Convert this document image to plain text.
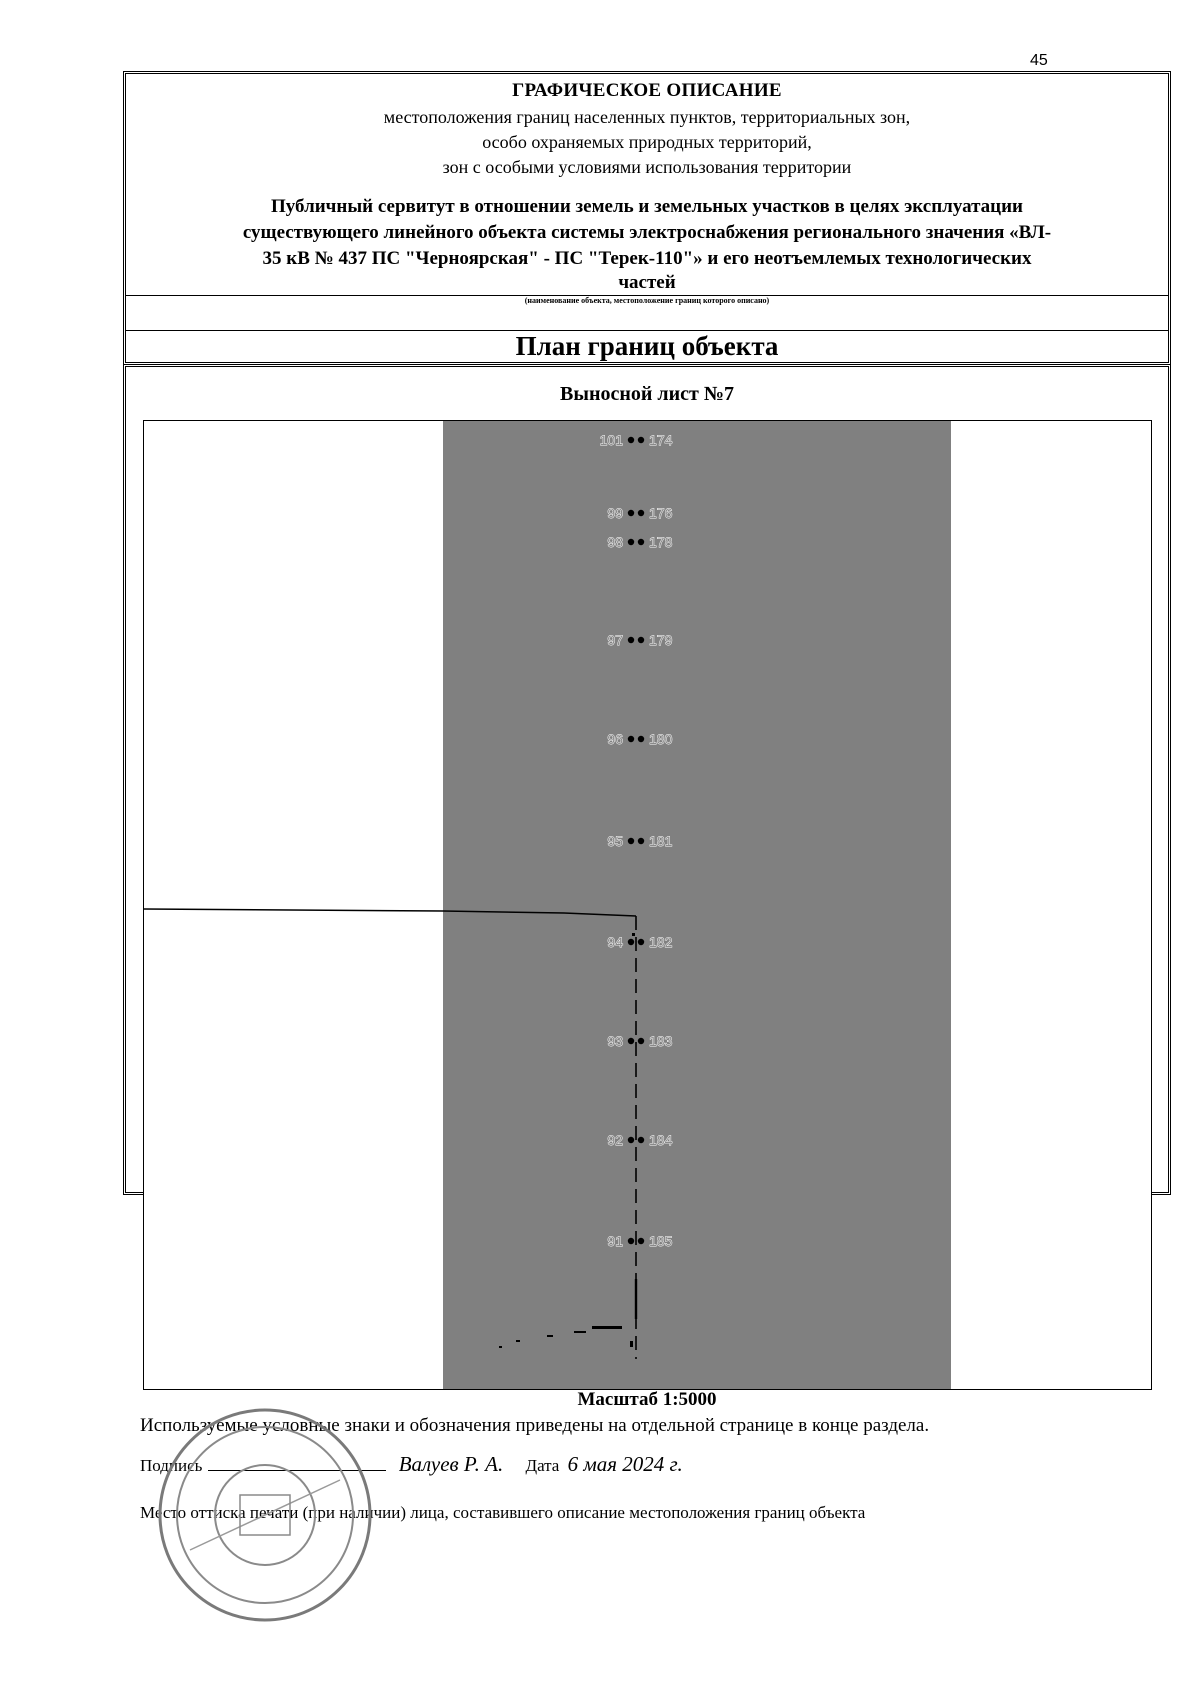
45
ГРАФИЧЕСКОЕ ОПИСАНИЕ
местоположения границ населенных пунктов, территориальных зон,
особо охраняемых природных территорий,
зон с особыми условиями использования территории
Публичный сервитут в отношении земель и земельных участков в целях эксплуатации
существующего линейного объекта системы электроснабжения регионального значения «ВЛ-
35 кВ № 437 ПС "Черноярская" - ПС "Терек-110"» и его неотъемлемых технологических
частей
(наименование объекта, местоположение границ которого описано)
План границ объекта
Выносной лист №7
101 174
99 176
98 178
97 179
96 180
95 181
94 182
93 183
92 184
91 185
Масштаб 1:5000
Используемые условные знаки и обозначения приведены на отдельной странице в конце раздела.
Подпись	Валуев Р. А. Дата 6 мая 2024 г.
Место оттиска печати (при наличии) лица, составившего описание местоположения границ объекта
